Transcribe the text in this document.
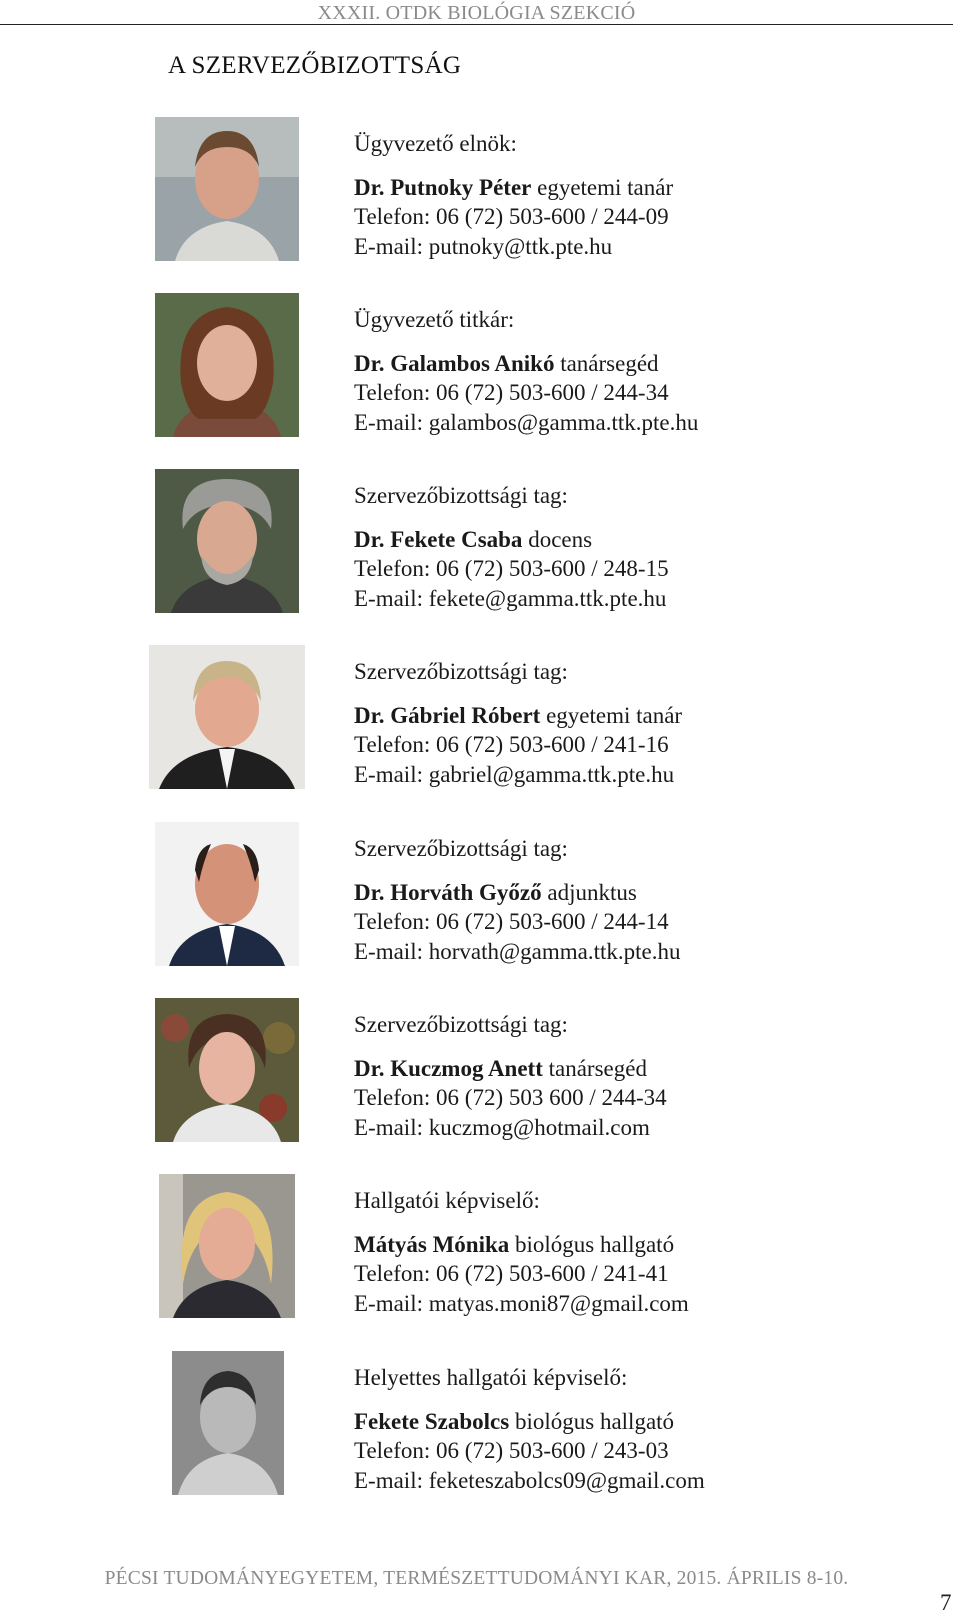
XXXII. OTDK BIOLÓGIA SZEKCIÓ
A SZERVEZŐBIZOTTSÁG
Ügyvezető elnök:
Dr. Putnoky Péter egyetemi tanár
Telefon: 06 (72) 503-600 / 244-09
E-mail: putnoky@ttk.pte.hu
Ügyvezető titkár:
Dr. Galambos Anikó tanársegéd
Telefon: 06 (72) 503-600 / 244-34
E-mail: galambos@gamma.ttk.pte.hu
Szervezőbizottsági tag:
Dr. Fekete Csaba docens
Telefon: 06 (72) 503-600 / 248-15
E-mail: fekete@gamma.ttk.pte.hu
Szervezőbizottsági tag:
Dr. Gábriel Róbert egyetemi tanár
Telefon: 06 (72) 503-600 / 241-16
E-mail: gabriel@gamma.ttk.pte.hu
Szervezőbizottsági tag:
Dr. Horváth Győző adjunktus
Telefon: 06 (72) 503-600 / 244-14
E-mail: horvath@gamma.ttk.pte.hu
Szervezőbizottsági tag:
Dr. Kuczmog Anett tanársegéd
Telefon: 06 (72) 503 600 / 244-34
E-mail: kuczmog@hotmail.com
Hallgatói képviselő:
Mátyás Mónika biológus hallgató
Telefon: 06 (72) 503-600 / 241-41
E-mail: matyas.moni87@gmail.com
Helyettes hallgatói képviselő:
Fekete Szabolcs biológus hallgató
Telefon: 06 (72) 503-600 / 243-03
E-mail: feketeszabolcs09@gmail.com
PÉCSI TUDOMÁNYEGYETEM, TERMÉSZETTUDOMÁNYI KAR, 2015. ÁPRILIS 8-10.
7
